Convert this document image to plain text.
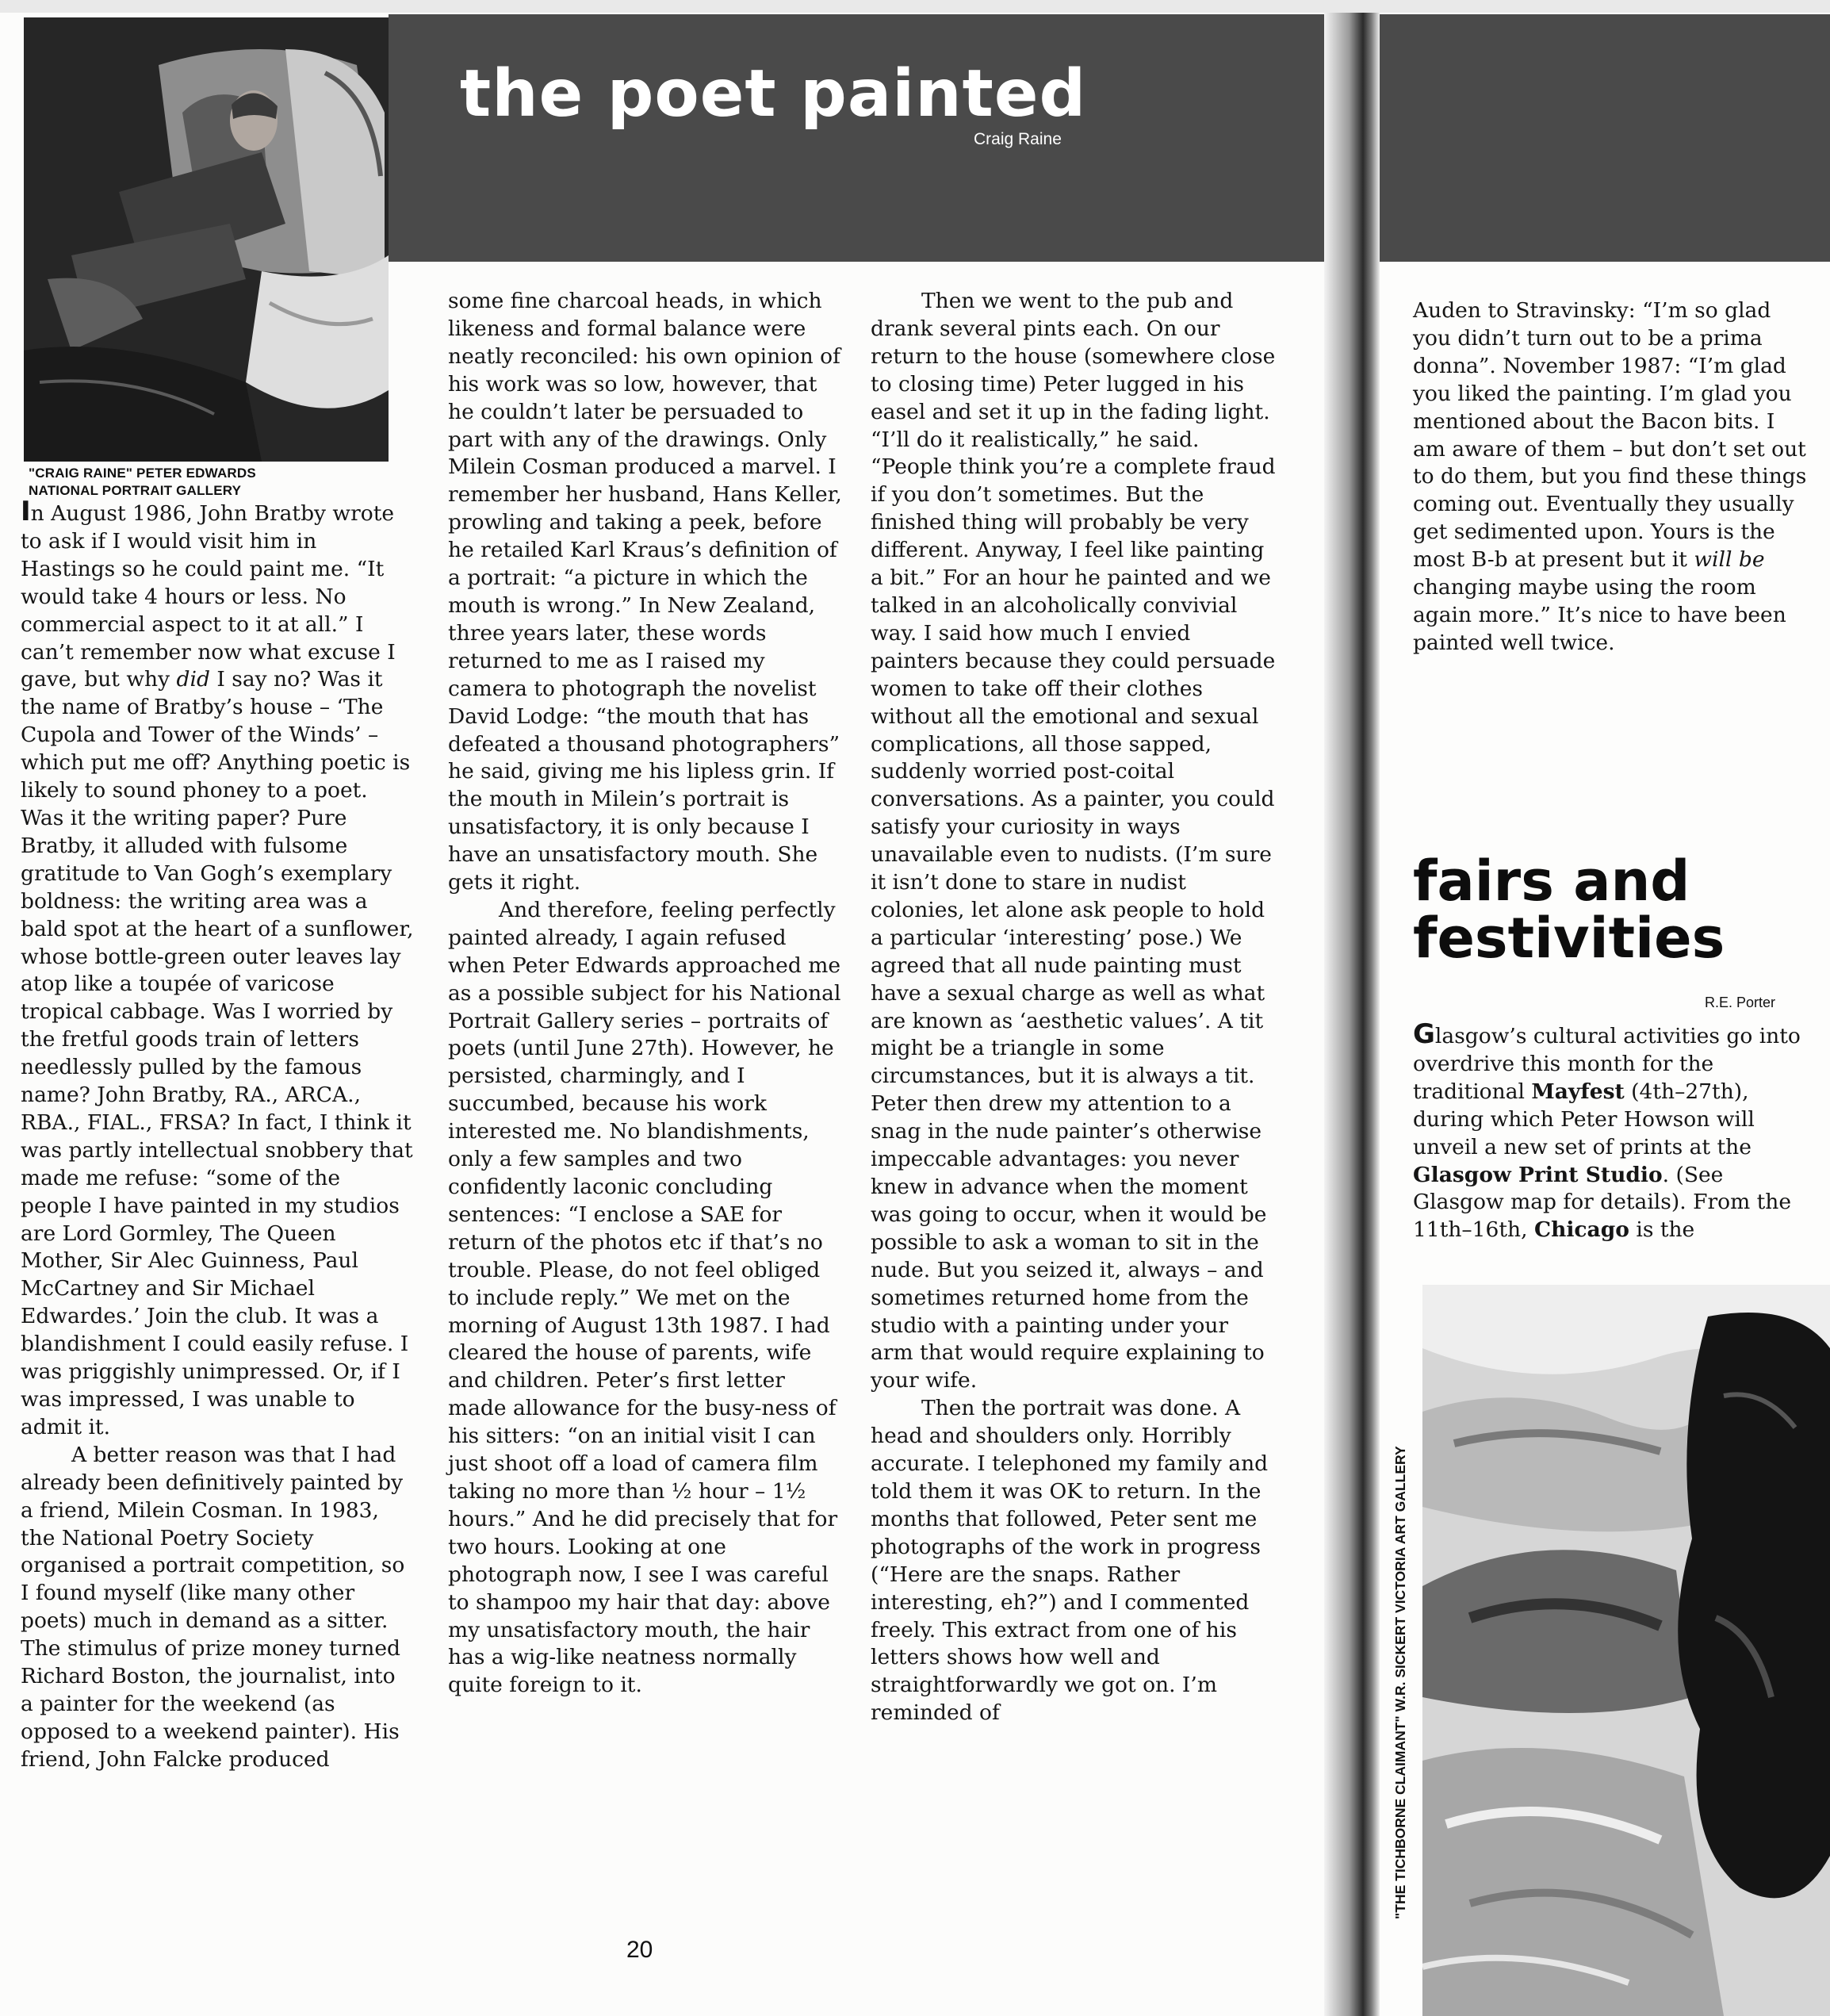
the poet painted

Craig Raine

"CRAIG RAINE" PETER EDWARDS
NATIONAL PORTRAIT GALLERY

In August 1986, John Bratby wrote to ask if I would visit him in Hastings so he could paint me. “It would take 4 hours or less. No commercial aspect to it at all.” I can’t remember now what excuse I gave, but why did I say no? Was it the name of Bratby’s house – ‘The Cupola and Tower of the Winds’ – which put me off? Anything poetic is likely to sound phoney to a poet. Was it the writing paper? Pure Bratby, it alluded with fulsome gratitude to Van Gogh’s exemplary boldness: the writing area was a bald spot at the heart of a sunflower, whose bottle-green outer leaves lay atop like a toupée of varicose tropical cabbage. Was I worried by the fretful goods train of letters needlessly pulled by the famous name? John Bratby, RA., ARCA., RBA., FIAL., FRSA? In fact, I think it was partly intellectual snobbery that made me refuse: “some of the people I have painted in my studios are Lord Gormley, The Queen Mother, Sir Alec Guinness, Paul McCartney and Sir Michael Edwardes.’ Join the club. It was a blandishment I could easily refuse. I was priggishly unimpressed. Or, if I was impressed, I was unable to admit it.

A better reason was that I had already been definitively painted by a friend, Milein Cosman. In 1983, the National Poetry Society organised a portrait competition, so I found myself (like many other poets) much in demand as a sitter. The stimulus of prize money turned Richard Boston, the journalist, into a painter for the weekend (as opposed to a weekend painter). His friend, John Falcke produced

some fine charcoal heads, in which likeness and formal balance were neatly reconciled: his own opinion of his work was so low, however, that he couldn’t later be persuaded to part with any of the drawings. Only Milein Cosman produced a marvel. I remember her husband, Hans Keller, prowling and taking a peek, before he retailed Karl Kraus’s definition of a portrait: “a picture in which the mouth is wrong.” In New Zealand, three years later, these words returned to me as I raised my camera to photograph the novelist David Lodge: “the mouth that has defeated a thousand photographers” he said, giving me his lipless grin. If the mouth in Milein’s portrait is unsatisfactory, it is only because I have an unsatisfactory mouth. She gets it right.

And therefore, feeling perfectly painted already, I again refused when Peter Edwards approached me as a possible subject for his National Portrait Gallery series – portraits of poets (until June 27th). However, he persisted, charmingly, and I succumbed, because his work interested me. No blandishments, only a few samples and two confidently laconic concluding sentences: “I enclose a SAE for return of the photos etc if that’s no trouble. Please, do not feel obliged to include reply.” We met on the morning of August 13th 1987. I had cleared the house of parents, wife and children. Peter’s first letter made allowance for the busy-ness of his sitters: “on an initial visit I can just shoot off a load of camera film taking no more than ½ hour – 1½ hours.” And he did precisely that for two hours. Looking at one photograph now, I see I was careful to shampoo my hair that day: above my unsatisfactory mouth, the hair has a wig-like neatness normally quite foreign to it.

Then we went to the pub and drank several pints each. On our return to the house (somewhere close to closing time) Peter lugged in his easel and set it up in the fading light. “I’ll do it realistically,” he said. “People think you’re a complete fraud if you don’t sometimes. But the finished thing will probably be very different. Anyway, I feel like painting a bit.” For an hour he painted and we talked in an alcoholically convivial way. I said how much I envied painters because they could persuade women to take off their clothes without all the emotional and sexual complications, all those sapped, suddenly worried post-coital conversations. As a painter, you could satisfy your curiosity in ways unavailable even to nudists. (I’m sure it isn’t done to stare in nudist colonies, let alone ask people to hold a particular ‘interesting’ pose.) We agreed that all nude painting must have a sexual charge as well as what are known as ‘aesthetic values’. A tit might be a triangle in some circumstances, but it is always a tit. Peter then drew my attention to a snag in the nude painter’s otherwise impeccable advantages: you never knew in advance when the moment was going to occur, when it would be possible to ask a woman to sit in the nude. But you seized it, always – and sometimes returned home from the studio with a painting under your arm that would require explaining to your wife.

Then the portrait was done. A head and shoulders only. Horribly accurate. I telephoned my family and told them it was OK to return. In the months that followed, Peter sent me photographs of the work in progress (“Here are the snaps. Rather interesting, eh?”) and I commented freely. This extract from one of his letters shows how well and straightforwardly we got on. I’m reminded of

Auden to Stravinsky: “I’m so glad you didn’t turn out to be a prima donna”. November 1987: “I’m glad you liked the painting. I’m glad you mentioned about the Bacon bits. I am aware of them – but don’t set out to do them, but you find these things coming out. Eventually they usually get sedimented upon. Yours is the most B-b at present but it will be changing maybe using the room again more.” It’s nice to have been painted well twice.

fairs and
festivities

R.E. Porter

Glasgow’s cultural activities go into overdrive this month for the traditional Mayfest (4th–27th), during which Peter Howson will unveil a new set of prints at the Glasgow Print Studio. (See Glasgow map for details). From the 11th–16th, Chicago is the

"THE TICHBORNE CLAIMANT" W.R. SICKERT VICTORIA ART GALLERY

20
